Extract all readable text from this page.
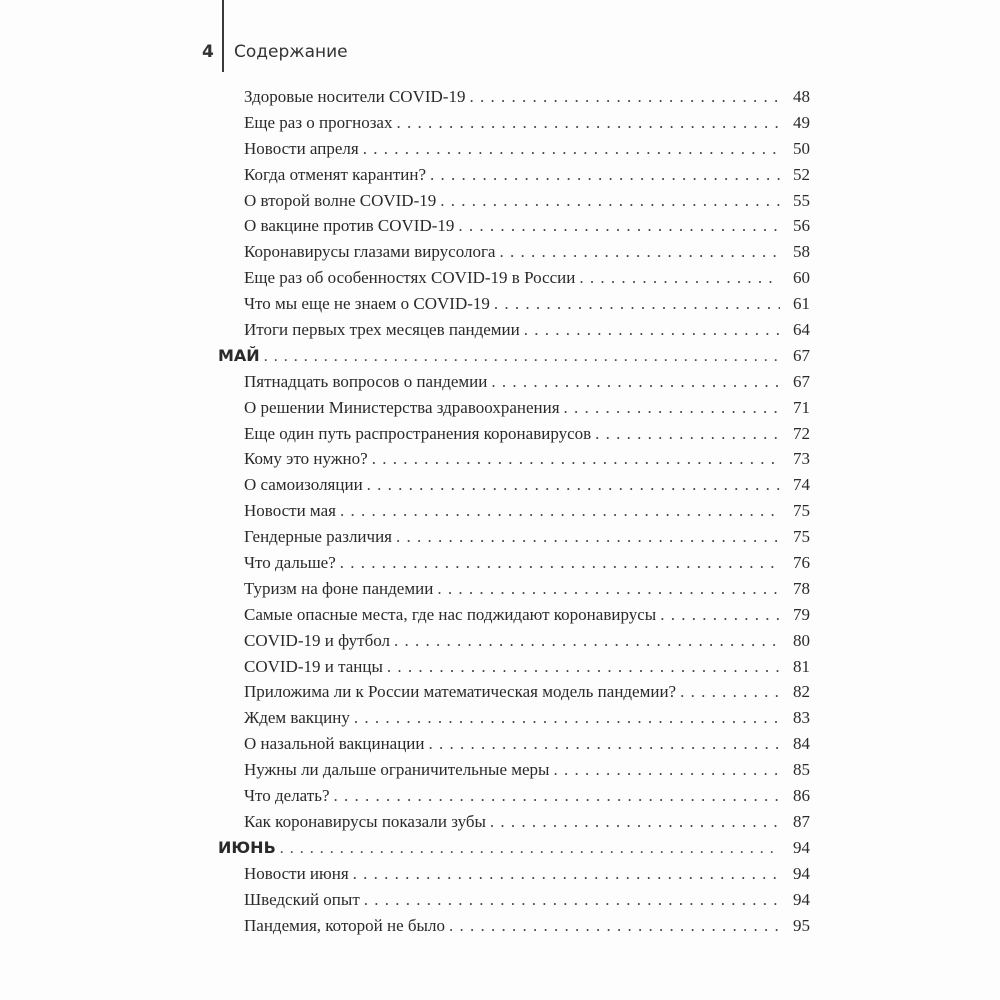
4 Содержание
Здоровые носители COVID-19 . . .	48
Еще раз о прогнозах . . .	49
Новости апреля . . .	50
Когда отменят карантин? . . .	52
О второй волне COVID-19 . . .	55
О вакцине против COVID-19 . . .	56
Коронавирусы глазами вирусолога . . .	58
Еще раз об особенностях COVID-19 в России . . .	60
Что мы еще не знаем о COVID-19 . . .	61
Итоги первых трех месяцев пандемии . . .	64
МАЙ . . .	67
Пятнадцать вопросов о пандемии . . .	67
О решении Министерства здравоохранения . . .	71
Еще один путь распространения коронавирусов . . .	72
Кому это нужно? . . .	73
О самоизоляции . . .	74
Новости мая . . .	75
Гендерные различия . . .	75
Что дальше? . . .	76
Туризм на фоне пандемии . . .	78
Самые опасные места, где нас поджидают коронавирусы . . .	79
COVID-19 и футбол . . .	80
COVID-19 и танцы . . .	81
Приложима ли к России математическая модель пандемии? . . .	82
Ждем вакцину . . .	83
О назальной вакцинации . . .	84
Нужны ли дальше ограничительные меры . . .	85
Что делать? . . .	86
Как коронавирусы показали зубы . . .	87
ИЮНЬ . . .	94
Новости июня . . .	94
Шведский опыт . . .	94
Пандемия, которой не было . . .	95
